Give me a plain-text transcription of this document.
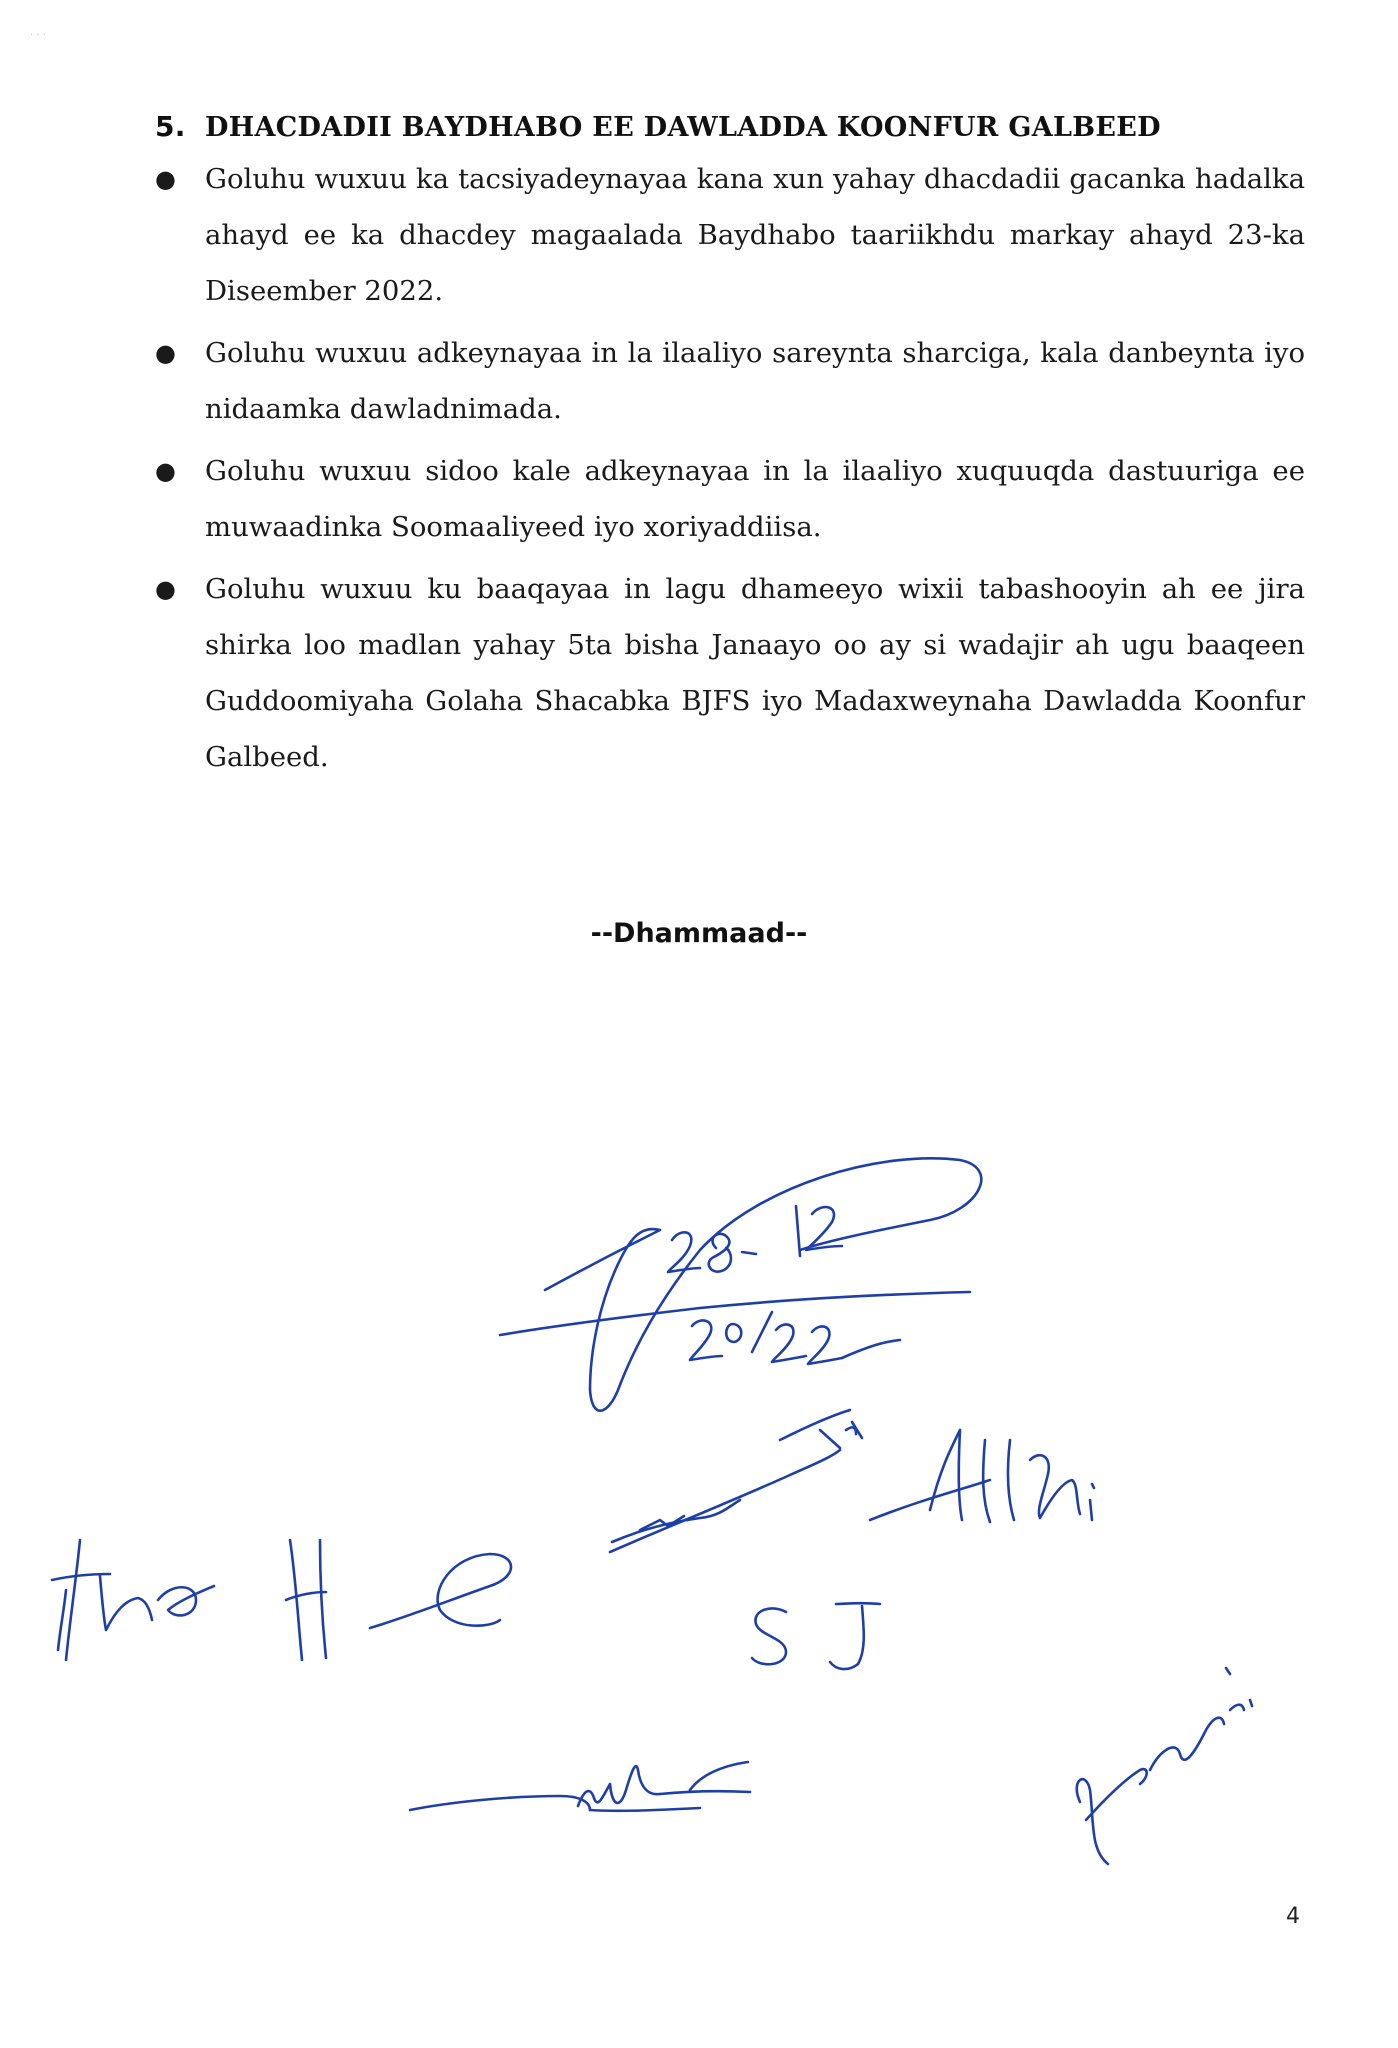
· · ·
5. DHACDADII BAYDHABO EE DAWLADDA KOONFUR GALBEED
●	Goluhu wuxuu ka tacsiyadeynayaa kana xun yahay dhacdadii gacanka hadalka ahayd ee ka dhacdey magaalada Baydhabo taariikhdu markay ahayd 23-ka Diseember 2022.
●	Goluhu wuxuu adkeynayaa in la ilaaliyo sareynta sharciga, kala danbeynta iyo nidaamka dawladnimada.
●	Goluhu wuxuu sidoo kale adkeynayaa in la ilaaliyo xuquuqda dastuuriga ee muwaadinka Soomaaliyeed iyo xoriyaddiisa.
●	Goluhu wuxuu ku baaqayaa in lagu dhameeyo wixii tabashooyin ah ee jira shirka loo madlan yahay 5ta bisha Janaayo oo ay si wadajir ah ugu baaqeen Guddoomiyaha Golaha Shacabka BJFS iyo Madaxweynaha Dawladda Koonfur Galbeed.
--Dhammaad--
4
